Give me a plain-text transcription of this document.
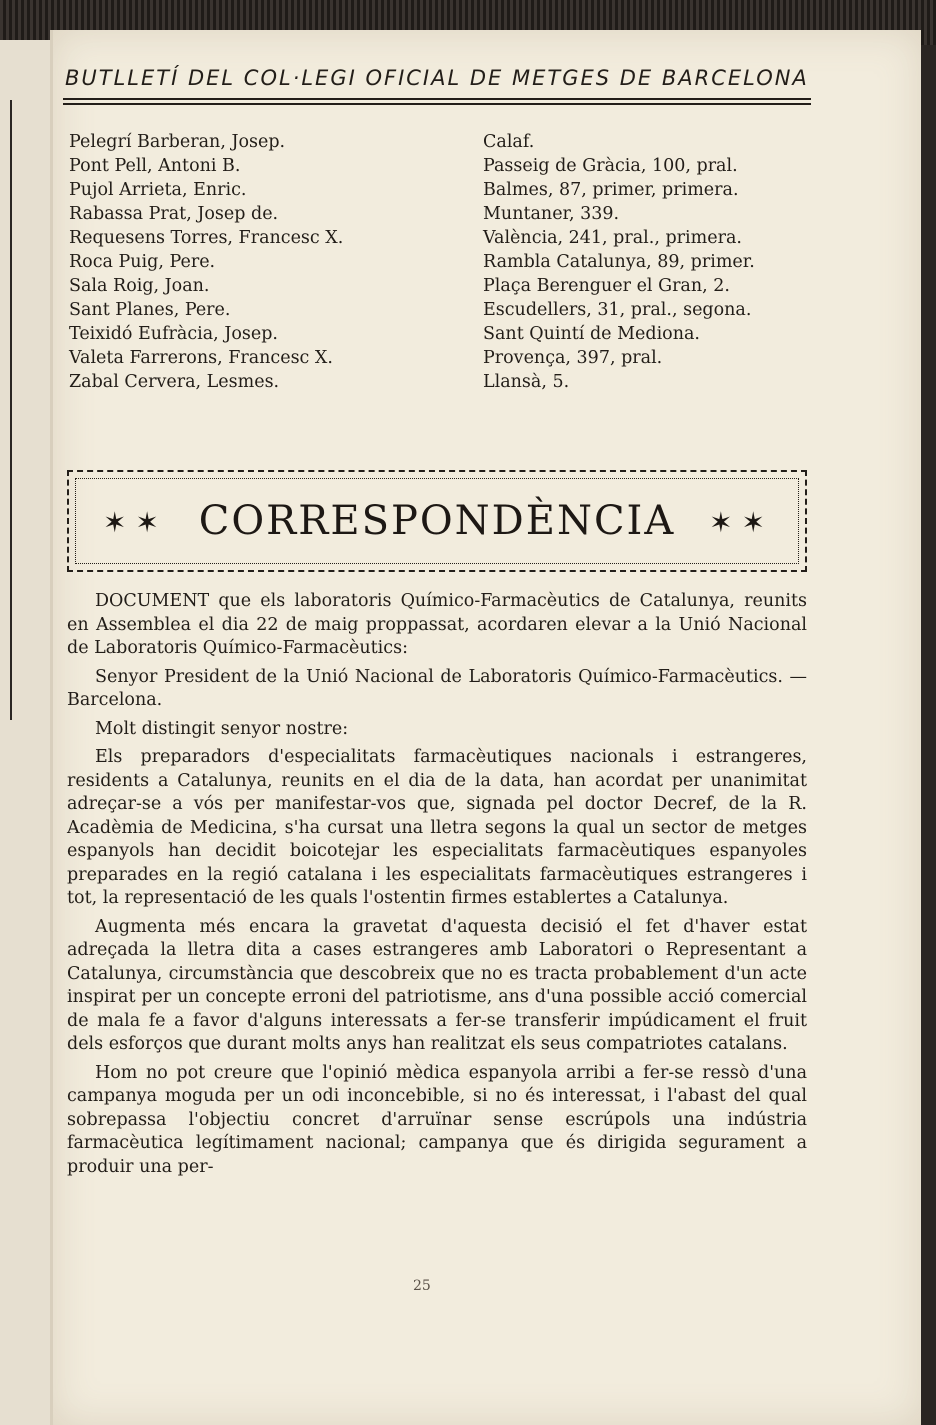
BUTLLETÍ DEL COL·LEGI OFICIAL DE METGES DE BARCELONA
Pelegrí Barberan, Josep.
Pont Pell, Antoni B.
Pujol Arrieta, Enric.
Rabassa Prat, Josep de.
Requesens Torres, Francesc X.
Roca Puig, Pere.
Sala Roig, Joan.
Sant Planes, Pere.
Teixidó Eufràcia, Josep.
Valeta Farrerons, Francesc X.
Zabal Cervera, Lesmes.
Calaf.
Passeig de Gràcia, 100, pral.
Balmes, 87, primer, primera.
Muntaner, 339.
València, 241, pral., primera.
Rambla Catalunya, 89, primer.
Plaça Berenguer el Gran, 2.
Escudellers, 31, pral., segona.
Sant Quintí de Mediona.
Provença, 397, pral.
Llansà, 5.
✶ ✶ CORRESPONDÈNCIA	✶ ✶

DOCUMENT que els laboratoris Químico-Farmacèutics de Catalunya, reunits en Assemblea el dia 22 de maig proppassat, acordaren elevar a la Unió Nacional de Laboratoris Químico-Farmacèutics:

Senyor President de la Unió Nacional de Laboratoris Químico-Farmacèutics. —Barcelona.

Molt distingit senyor nostre:

Els preparadors d'especialitats farmacèutiques nacionals i estrangeres, residents a Catalunya, reunits en el dia de la data, han acordat per unanimitat adreçar-se a vós per manifestar-vos que, signada pel doctor Decref, de la R. Acadèmia de Medicina, s'ha cursat una lletra segons la qual un sector de metges espanyols han decidit boicotejar les especialitats farmacèutiques espanyoles preparades en la regió catalana i les especialitats farmacèutiques estrangeres i tot, la representació de les quals l'ostentin firmes establertes a Catalunya.

Augmenta més encara la gravetat d'aquesta decisió el fet d'haver estat adreçada la lletra dita a cases estrangeres amb Laboratori o Representant a Catalunya, circumstància que descobreix que no es tracta probablement d'un acte inspirat per un concepte erroni del patriotisme, ans d'una possible acció comercial de mala fe a favor d'alguns interessats a fer-se transferir impúdicament el fruit dels esforços que durant molts anys han realitzat els seus compatriotes catalans.

Hom no pot creure que l'opinió mèdica espanyola arribi a fer-se ressò d'una campanya moguda per un odi inconcebible, si no és interessat, i l'abast del qual sobrepassa l'objectiu concret d'arruïnar sense escrúpols una indústria farmacèutica legítimament nacional; campanya que és dirigida segurament a produir una per-

25
